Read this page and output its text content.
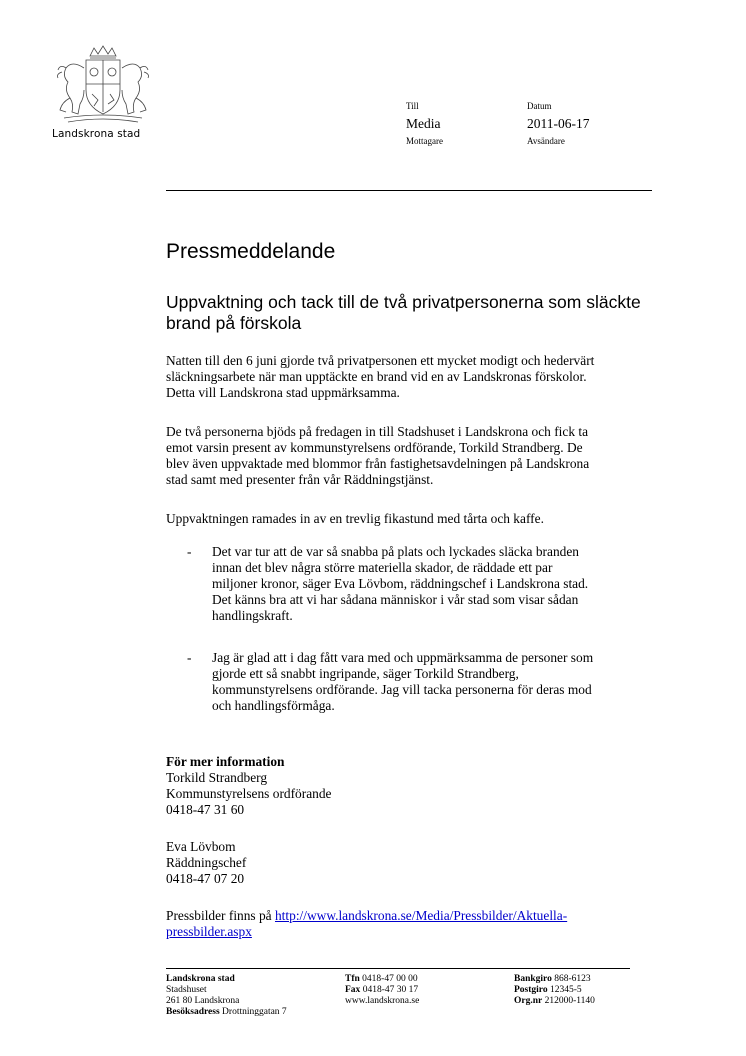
Landskrona stad
Till
Media
Mottagare
Datum
2011-06-17
Avsändare
Pressmeddelande
Uppvaktning och tack till de två privatpersonerna som släckte brand på förskola
Natten till den 6 juni gjorde två privatpersonen ett mycket modigt och hedervärt
släckningsarbete när man upptäckte en brand vid en av Landskronas förskolor.
Detta vill Landskrona stad uppmärksamma.
De två personerna bjöds på fredagen in till Stadshuset i Landskrona och fick ta
emot varsin present av kommunstyrelsens ordförande, Torkild Strandberg. De
blev även uppvaktade med blommor från fastighetsavdelningen på Landskrona
stad samt med presenter från vår Räddningstjänst.
Uppvaktningen ramades in av en trevlig fikastund med tårta och kaffe.
- Det var tur att de var så snabba på plats och lyckades släcka branden
innan det blev några större materiella skador, de räddade ett par
miljoner kronor, säger Eva Lövbom, räddningschef i Landskrona stad.
Det känns bra att vi har sådana människor i vår stad som visar sådan
handlingskraft.
- Jag är glad att i dag fått vara med och uppmärksamma de personer som
gjorde ett så snabbt ingripande, säger Torkild Strandberg,
kommunstyrelsens ordförande. Jag vill tacka personerna för deras mod
och handlingsförmåga.
För mer information
Torkild Strandberg
Kommunstyrelsens ordförande
0418-47 31 60
Eva Lövbom
Räddningschef
0418-47 07 20
Pressbilder finns på http://www.landskrona.se/Media/Pressbilder/Aktuella-
pressbilder.aspx
Landskrona stad
Stadshuset
261 80 Landskrona
Besöksadress Drottninggatan 7
Tfn 0418-47 00 00
Fax 0418-47 30 17
www.landskrona.se
Bankgiro 868-6123
Postgiro 12345-5
Org.nr 212000-1140
